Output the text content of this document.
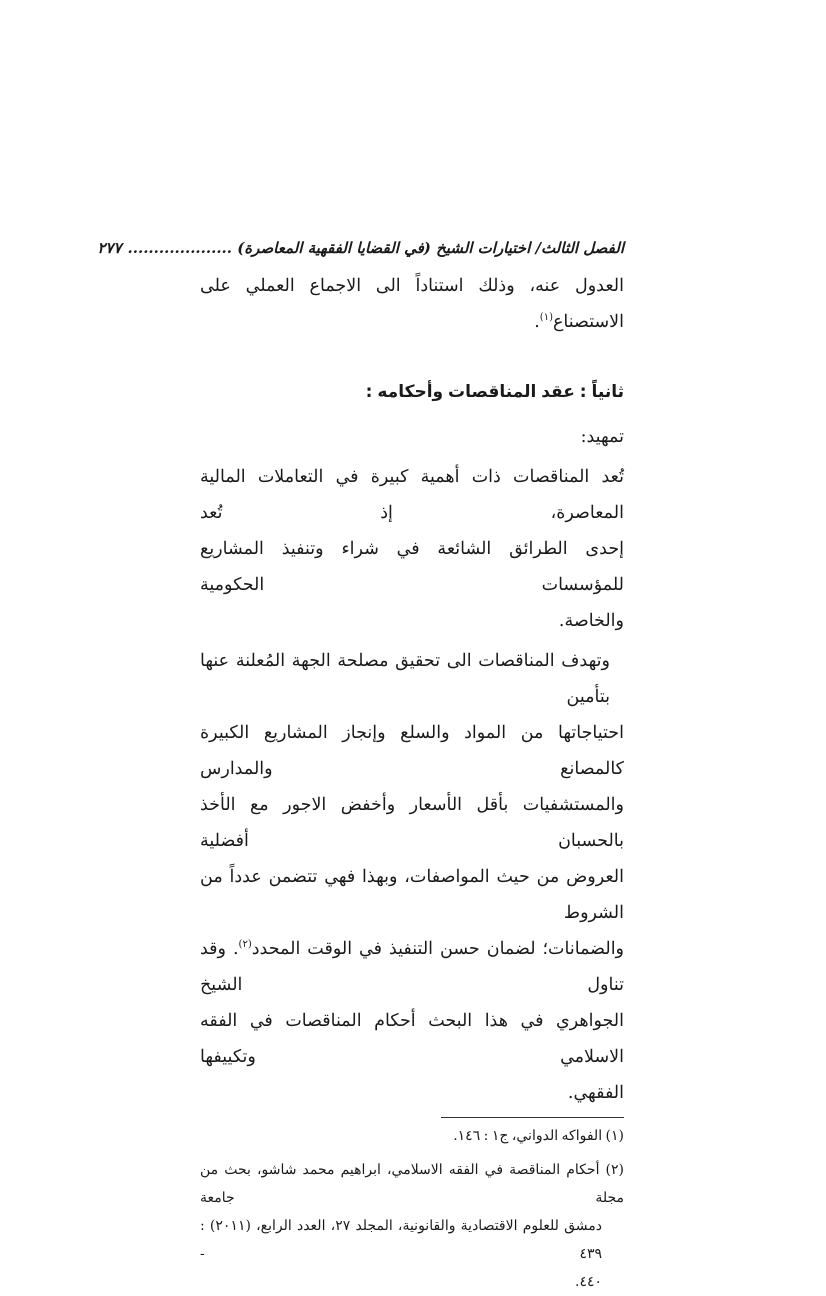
الفصل الثالث/ اختيارات الشيخ (في القضايا الفقهية المعاصرة) ....................
٢٧٧
العدول عنه، وذلك استناداً الى الاجماع العملي على الاستصناع$^{(١)}$.
ثانياً : عقد المناقصات وأحكامه :
تمهيد:
تُعد المناقصات ذات أهمية كبيرة في التعاملات المالية المعاصرة، إذ تُعد
إحدى الطرائق الشائعة في شراء وتنفيذ المشاريع للمؤسسات الحكومية
والخاصة.
وتهدف المناقصات الى تحقيق مصلحة الجهة المُعلنة عنها بتأمين
احتياجاتها من المواد والسلع وإنجاز المشاريع الكبيرة كالمصانع والمدارس
والمستشفيات بأقل الأسعار وأخفض الاجور مع الأخذ بالحسبان أفضلية
العروض من حيث المواصفات، وبهذا فهي تتضمن عدداً من الشروط
والضمانات؛ لضمان حسن التنفيذ في الوقت المحدد$^{(٢)}$. وقد تناول الشيخ
الجواهري في هذا البحث أحكام المناقصات في الفقه الاسلامي وتكييفها
الفقهي.
(١) الفواكه الدواني، ج١ : ١٤٦.
(٢) أحكام المناقصة في الفقه الاسلامي، ابراهيم محمد شاشو، بحث من مجلة جامعة
دمشق للعلوم الاقتصادية والقانونية، المجلد ٢٧، العدد الرابع، (٢٠١١) : ٤٣٩ -
٤٤٠.
